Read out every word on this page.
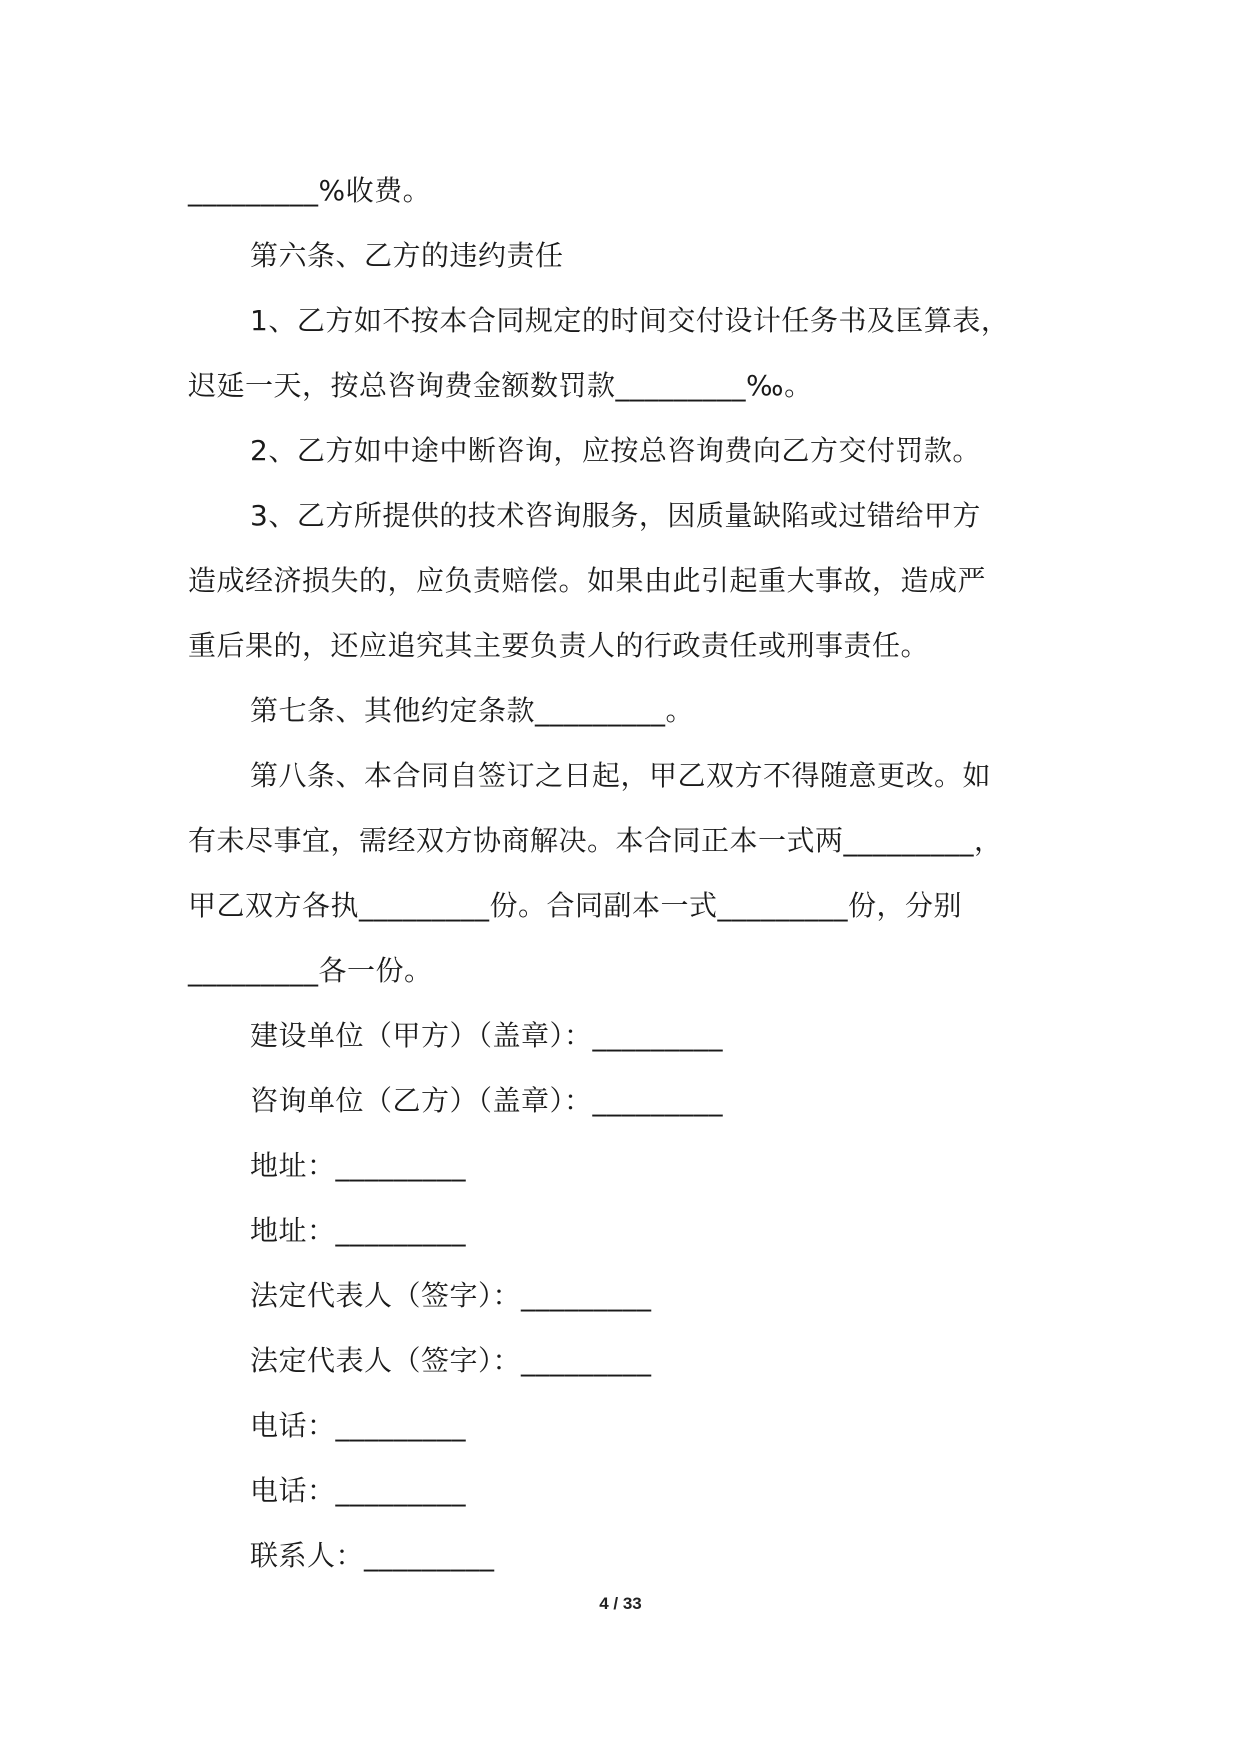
_________%收费。
第六条、乙方的违约责任
1、乙方如不按本合同规定的时间交付设计任务书及匡算表，
迟延一天，按总咨询费金额数罚款_________‰。
2、乙方如中途中断咨询，应按总咨询费向乙方交付罚款。
3、乙方所提供的技术咨询服务，因质量缺陷或过错给甲方
造成经济损失的，应负责赔偿。如果由此引起重大事故，造成严
重后果的，还应追究其主要负责人的行政责任或刑事责任。
第七条、其他约定条款_________。
第八条、本合同自签订之日起，甲乙双方不得随意更改。如
有未尽事宜，需经双方协商解决。本合同正本一式两_________，
甲乙双方各执_________份。合同副本一式_________份，分别
_________各一份。
建设单位（甲方）（盖章）：_________
咨询单位（乙方）（盖章）：_________
地址：_________
地址：_________
法定代表人（签字）：_________
法定代表人（签字）：_________
电话：_________
电话：_________
联系人：_________
4 / 33
